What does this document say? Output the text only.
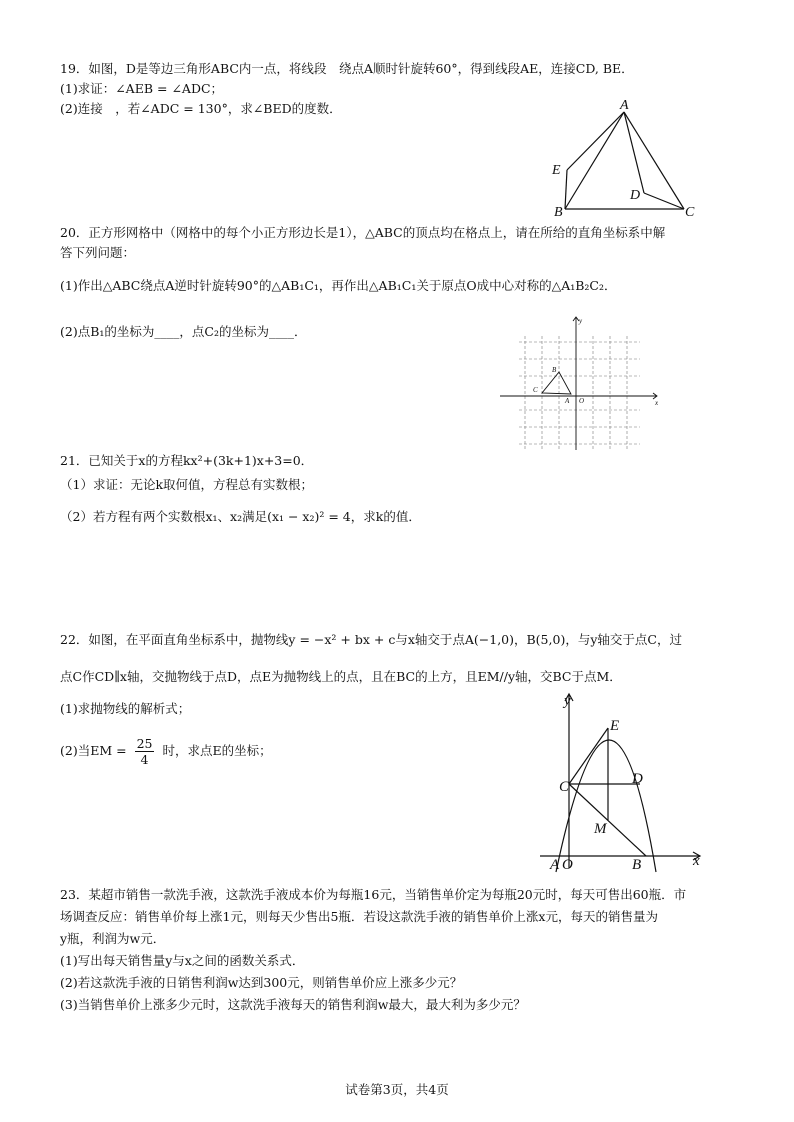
19．如图，D是等边三角形ABC内一点，将线段　绕点A顺时针旋转60°，得到线段AE，连接CD, BE．
(1)求证：∠AEB = ∠ADC；
(2)连接　，若∠ADC = 130°，求∠BED的度数．	A
E
D
B	C
20．正方形网格中（网格中的每个小正方形边长是1），△ABC的顶点均在格点上，请在所给的直角坐标系中解
答下列问题：
(1)作出△ABC绕点A逆时针旋转90°的△AB₁C₁，再作出△AB₁C₁关于原点O成中心对称的△A₁B₂C₂．
(2)点B₁的坐标为____，点C₂的坐标为____．
y
x
B
C
A O
21．已知关于x的方程kx²+(3k+1)x+3=0．
（1）求证：无论k取何值，方程总有实数根；
（2）若方程有两个实数根x₁、x₂满足(x₁ − x₂)² = 4，求k的值．
22．如图，在平面直角坐标系中，抛物线y = −x² + bx + c与x轴交于点A(−1,0)，B(5,0)，与y轴交于点C，过
点C作CD∥x轴，交抛物线于点D，点E为抛物线上的点，且在BC的上方，且EM//y轴，交BC于点M．
(1)求抛物线的解析式；
(2)当EM = $\frac{25}{4}$ 时，求点E的坐标；
y
x
E
C	D
M
A O	B
23．某超市销售一款洗手液，这款洗手液成本价为每瓶16元，当销售单价定为每瓶20元时，每天可售出60瓶．市
场调查反应：销售单价每上涨1元，则每天少售出5瓶．若设这款洗手液的销售单价上涨x元，每天的销售量为
y瓶，利润为w元．
(1)写出每天销售量y与x之间的函数关系式．
(2)若这款洗手液的日销售利润w达到300元，则销售单价应上涨多少元？
(3)当销售单价上涨多少元时，这款洗手液每天的销售利润w最大，最大利为多少元？
试卷第3页，共4页
